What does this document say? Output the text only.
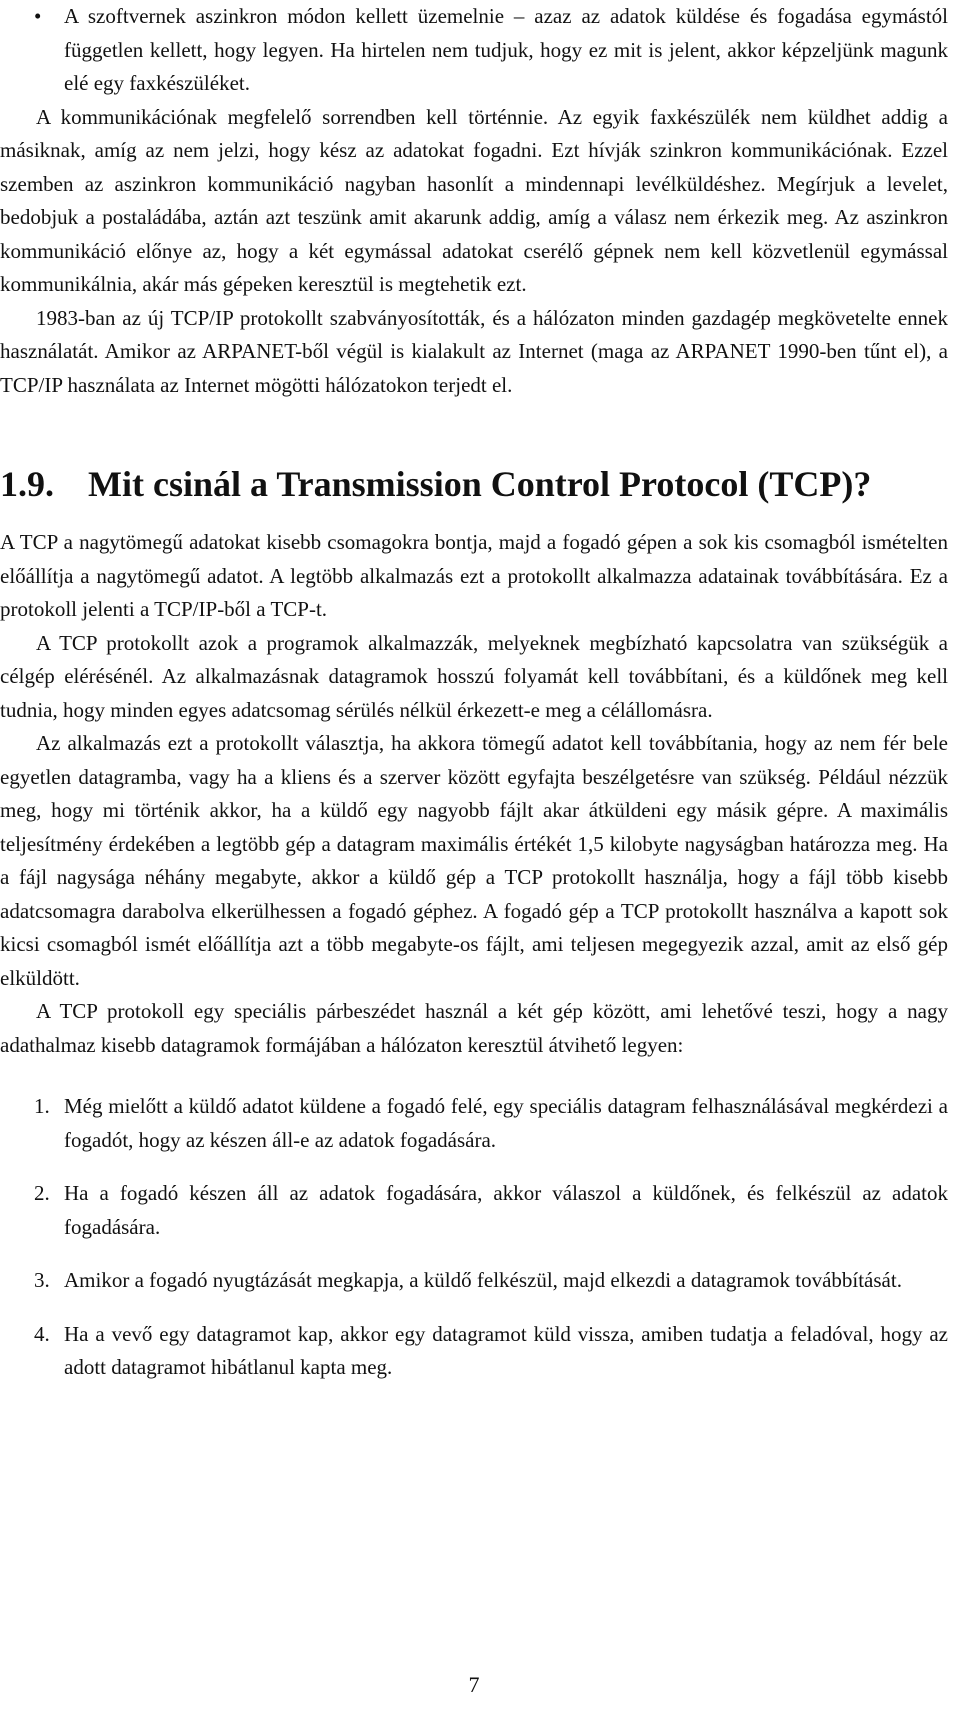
• A szoftvernek aszinkron módon kellett üzemelnie – azaz az adatok küldése és fogadása egymástól független kellett, hogy legyen. Ha hirtelen nem tudjuk, hogy ez mit is jelent, akkor képzeljünk magunk elé egy faxkészüléket.

A kommunikációnak megfelelő sorrendben kell történnie. Az egyik faxkészülék nem küldhet addig a másiknak, amíg az nem jelzi, hogy kész az adatokat fogadni. Ezt hívják szinkron kommunikációnak. Ezzel szemben az aszinkron kommunikáció nagyban hasonlít a mindennapi levélküldéshez. Megírjuk a levelet, bedobjuk a postaládába, aztán azt teszünk amit akarunk addig, amíg a válasz nem érkezik meg. Az aszinkron kommunikáció előnye az, hogy a két egymással adatokat cserélő gépnek nem kell közvetlenül egymással kommunikálnia, akár más gépeken keresztül is megtehetik ezt.

1983-ban az új TCP/IP protokollt szabványosították, és a hálózaton minden gazdagép megkövetelte ennek használatát. Amikor az ARPANET-ből végül is kialakult az Internet (maga az ARPANET 1990-ben tűnt el), a TCP/IP használata az Internet mögötti hálózatokon terjedt el.

1.9. Mit csinál a Transmission Control Protocol (TCP)?

A TCP a nagytömegű adatokat kisebb csomagokra bontja, majd a fogadó gépen a sok kis csomagból ismételten előállítja a nagytömegű adatot. A legtöbb alkalmazás ezt a protokollt alkalmazza adatainak továbbítására. Ez a protokoll jelenti a TCP/IP-ből a TCP-t.

A TCP protokollt azok a programok alkalmazzák, melyeknek megbízható kapcsolatra van szükségük a célgép elérésénél. Az alkalmazásnak datagramok hosszú folyamát kell továbbítani, és a küldőnek meg kell tudnia, hogy minden egyes adatcsomag sérülés nélkül érkezett-e meg a célállomásra.

Az alkalmazás ezt a protokollt választja, ha akkora tömegű adatot kell továbbítania, hogy az nem fér bele egyetlen datagramba, vagy ha a kliens és a szerver között egyfajta beszélgetésre van szükség. Például nézzük meg, hogy mi történik akkor, ha a küldő egy nagyobb fájlt akar átküldeni egy másik gépre. A maximális teljesítmény érdekében a legtöbb gép a datagram maximális értékét 1,5 kilobyte nagyságban határozza meg. Ha a fájl nagysága néhány megabyte, akkor a küldő gép a TCP protokollt használja, hogy a fájl több kisebb adatcsomagra darabolva elkerülhessen a fogadó géphez. A fogadó gép a TCP protokollt használva a kapott sok kicsi csomagból ismét előállítja azt a több megabyte-os fájlt, ami teljesen megegyezik azzal, amit az első gép elküldött.

A TCP protokoll egy speciális párbeszédet használ a két gép között, ami lehetővé teszi, hogy a nagy adathalmaz kisebb datagramok formájában a hálózaton keresztül átvihető legyen:

1. Még mielőtt a küldő adatot küldene a fogadó felé, egy speciális datagram felhasználásával megkérdezi a fogadót, hogy az készen áll-e az adatok fogadására.
2. Ha a fogadó készen áll az adatok fogadására, akkor válaszol a küldőnek, és felkészül az adatok fogadására.
3. Amikor a fogadó nyugtázását megkapja, a küldő felkészül, majd elkezdi a datagramok továbbítását.
4. Ha a vevő egy datagramot kap, akkor egy datagramot küld vissza, amiben tudatja a feladóval, hogy az adott datagramot hibátlanul kapta meg.
7
